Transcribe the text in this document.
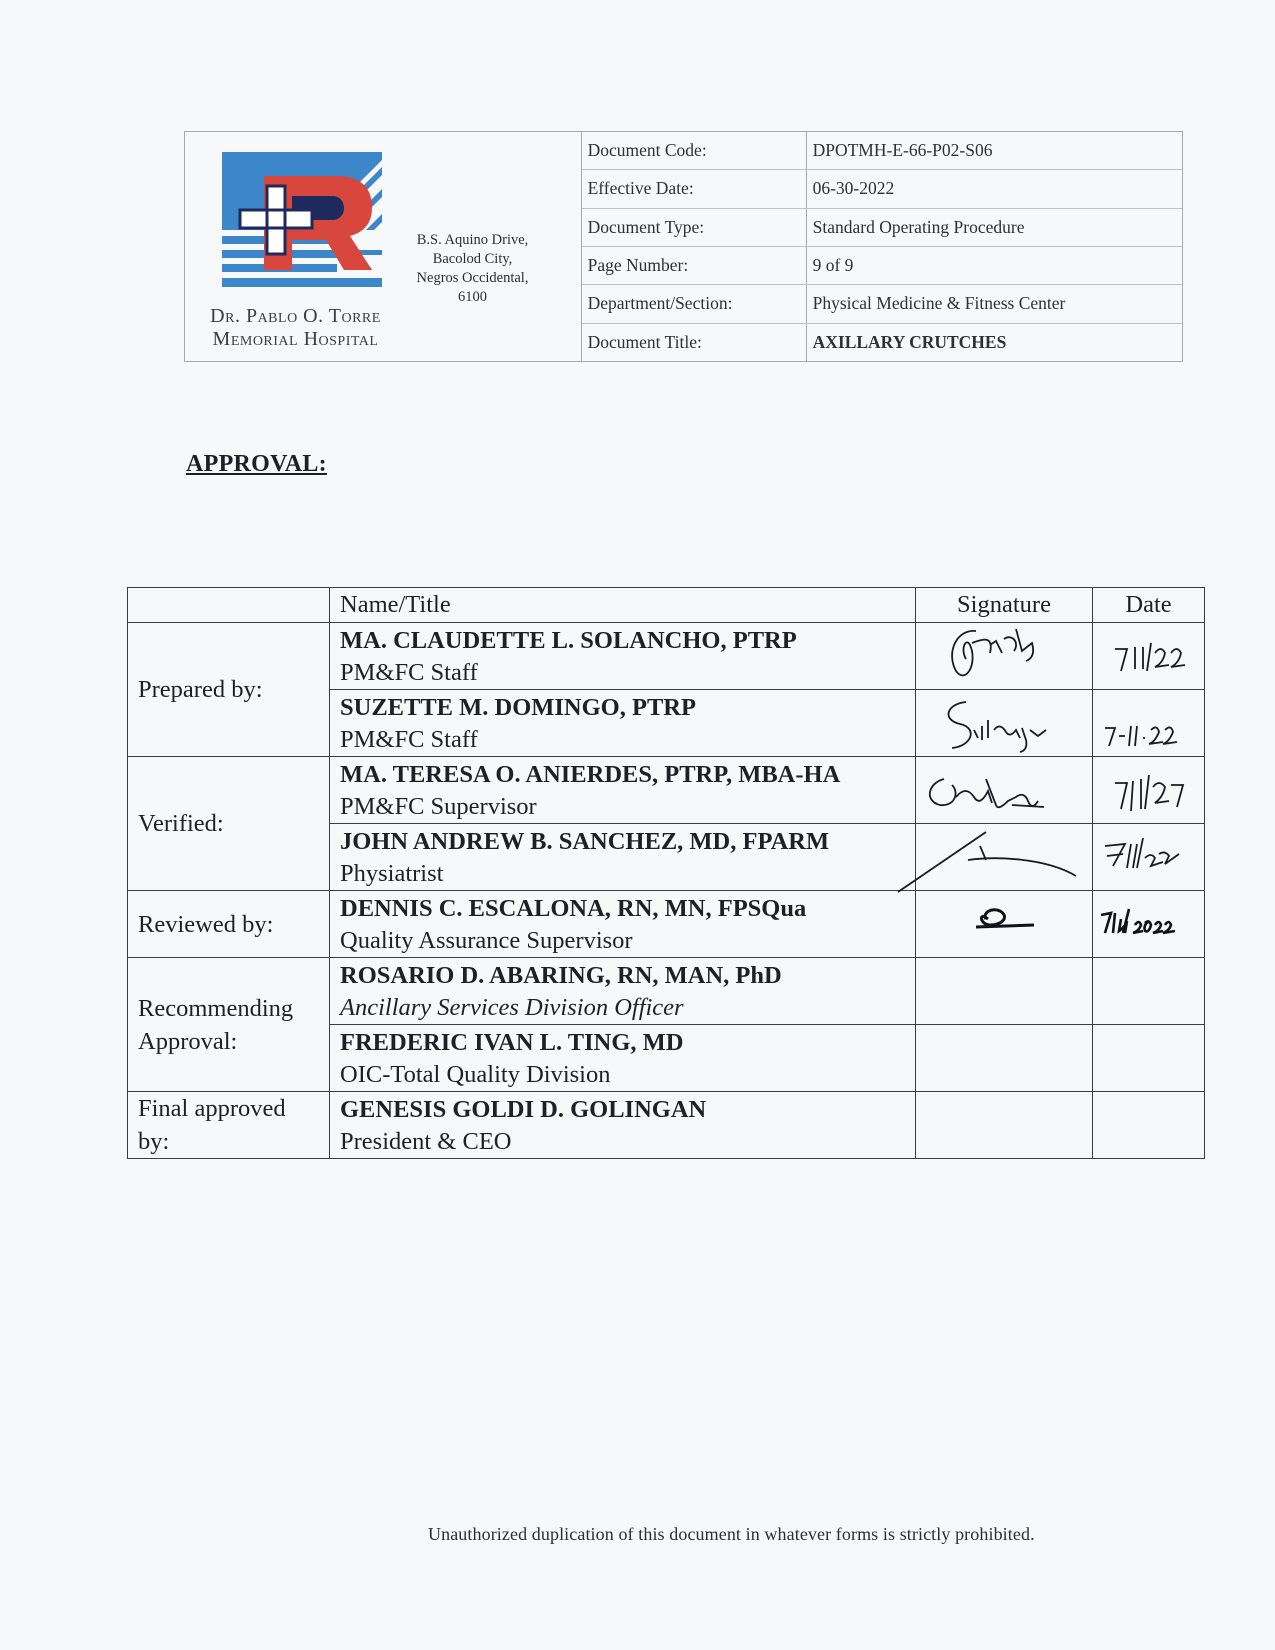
Dr. Pablo O. Torre
Memorial Hospital
B.S. Aquino Drive,
Bacolod City,
Negros Occidental,
6100
Document Code:	DPOTMH-E-66-P02-S06
Effective Date:	06-30-2022
Document Type:	Standard Operating Procedure
Page Number:	9 of 9
Department/Section:	Physical Medicine & Fitness Center
Document Title:	AXILLARY CRUTCHES
APPROVAL:
	Name/Title	Signature	Date
Prepared by:	MA. CLAUDETTE L. SOLANCHO, PTRP
PM&FC Staff

	SUZETTE M. DOMINGO, PTRP
PM&FC Staff

Verified:	MA. TERESA O. ANIERDES, PTRP, MBA-HA
PM&FC Supervisor

	JOHN ANDREW B. SANCHEZ, MD, FPARM
Physiatrist

Reviewed by:	DENNIS C. ESCALONA, RN, MN, FPSQua
Quality Assurance Supervisor

Recommending
Approval:	ROSARIO D. ABARING, RN, MAN, PhD
Ancillary Services Division Officer		

	FREDERIC IVAN L. TING, MD
OIC-Total Quality Division		

Final approved
by:	GENESIS GOLDI D. GOLINGAN
President & CEO		

Unauthorized duplication of this document in whatever forms is strictly prohibited.
